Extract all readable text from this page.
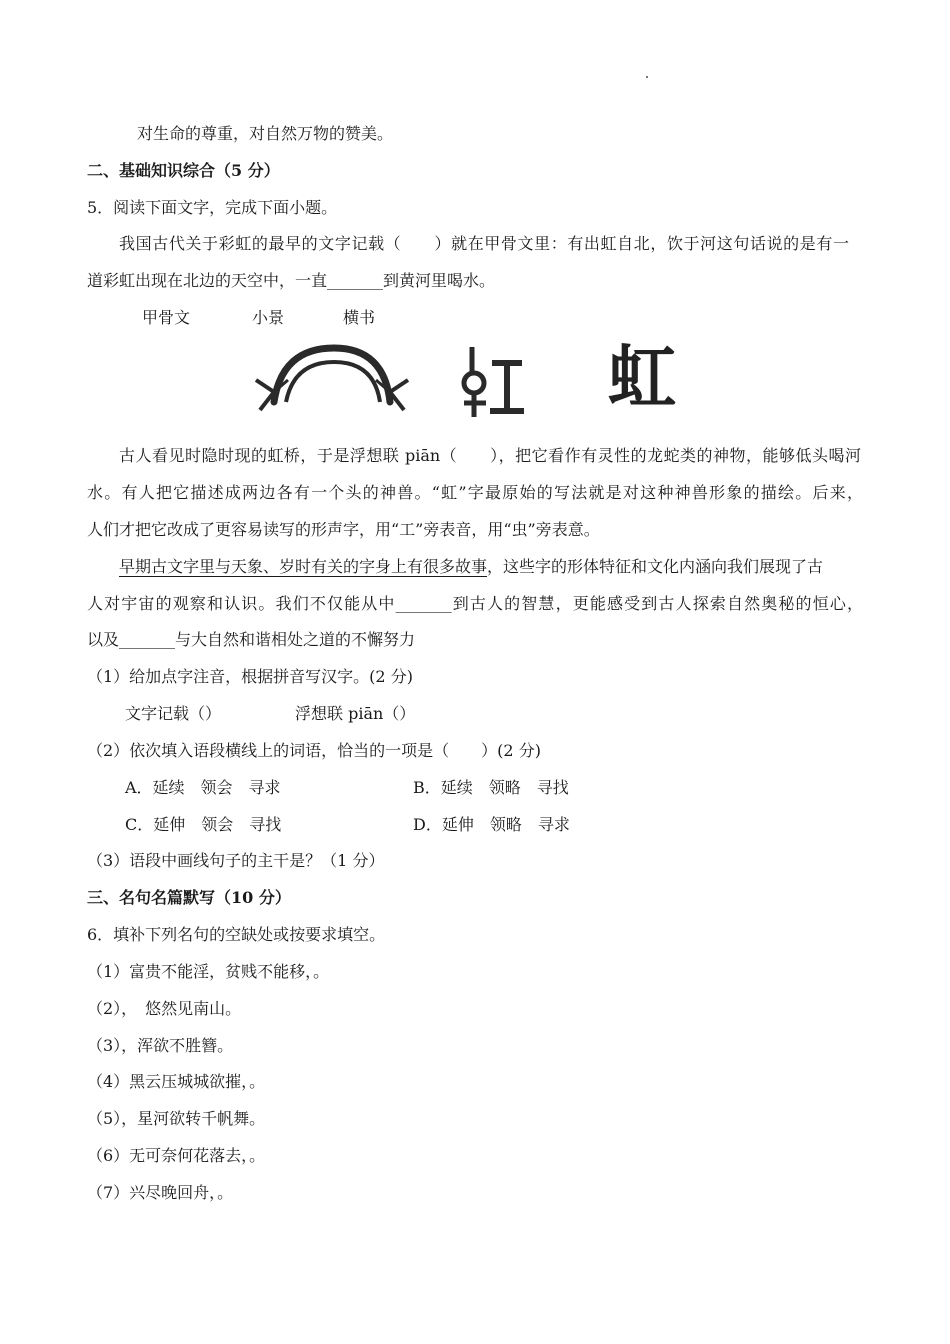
对生命的尊重，对自然万物的赞美。
二、基础知识综合（5 分）
5．阅读下面文字，完成下面小题。
我国古代关于彩虹的最早的文字记载（　　）就在甲骨文里：有出虹自北，饮于河这句话说的是有一
道彩虹出现在北边的天空中，一直_______到黄河里喝水。
甲骨文	小景	横书
虹
古人看见时隐时现的虹桥，于是浮想联 piān（　　），把它看作有灵性的龙蛇类的神物，能够低头喝河
水。有人把它描述成两边各有一个头的神兽。“虹”字最原始的写法就是对这种神兽形象的描绘。后来，
人们才把它改成了更容易读写的形声字，用“工”旁表音，用“虫”旁表意。
早期古文字里与天象、岁时有关的字身上有很多故事，这些字的形体特征和文化内涵向我们展现了古
人对宇宙的观察和认识。我们不仅能从中_______到古人的智慧，更能感受到古人探索自然奥秘的恒心，
以及_______与大自然和谐相处之道的不懈努力
（1）给加点字注音，根据拼音写汉字。(2 分)
文字记载（）	浮想联 piān（）
（2）依次填入语段横线上的词语，恰当的一项是（　　）(2 分)
A．延续　领会　寻求	B．延续　领略　寻找
C．延伸　领会　寻找	D．延伸　领略　寻求
（3）语段中画线句子的主干是？（1 分）
三、名句名篇默写（10 分）
6．填补下列名句的空缺处或按要求填空。
（1）富贵不能淫，贫贱不能移，。
（2），　悠然见南山。
（3），浑欲不胜簪。
（4）黑云压城城欲摧，。
（5），星河欲转千帆舞。
（6）无可奈何花落去，。
（7）兴尽晚回舟，。
